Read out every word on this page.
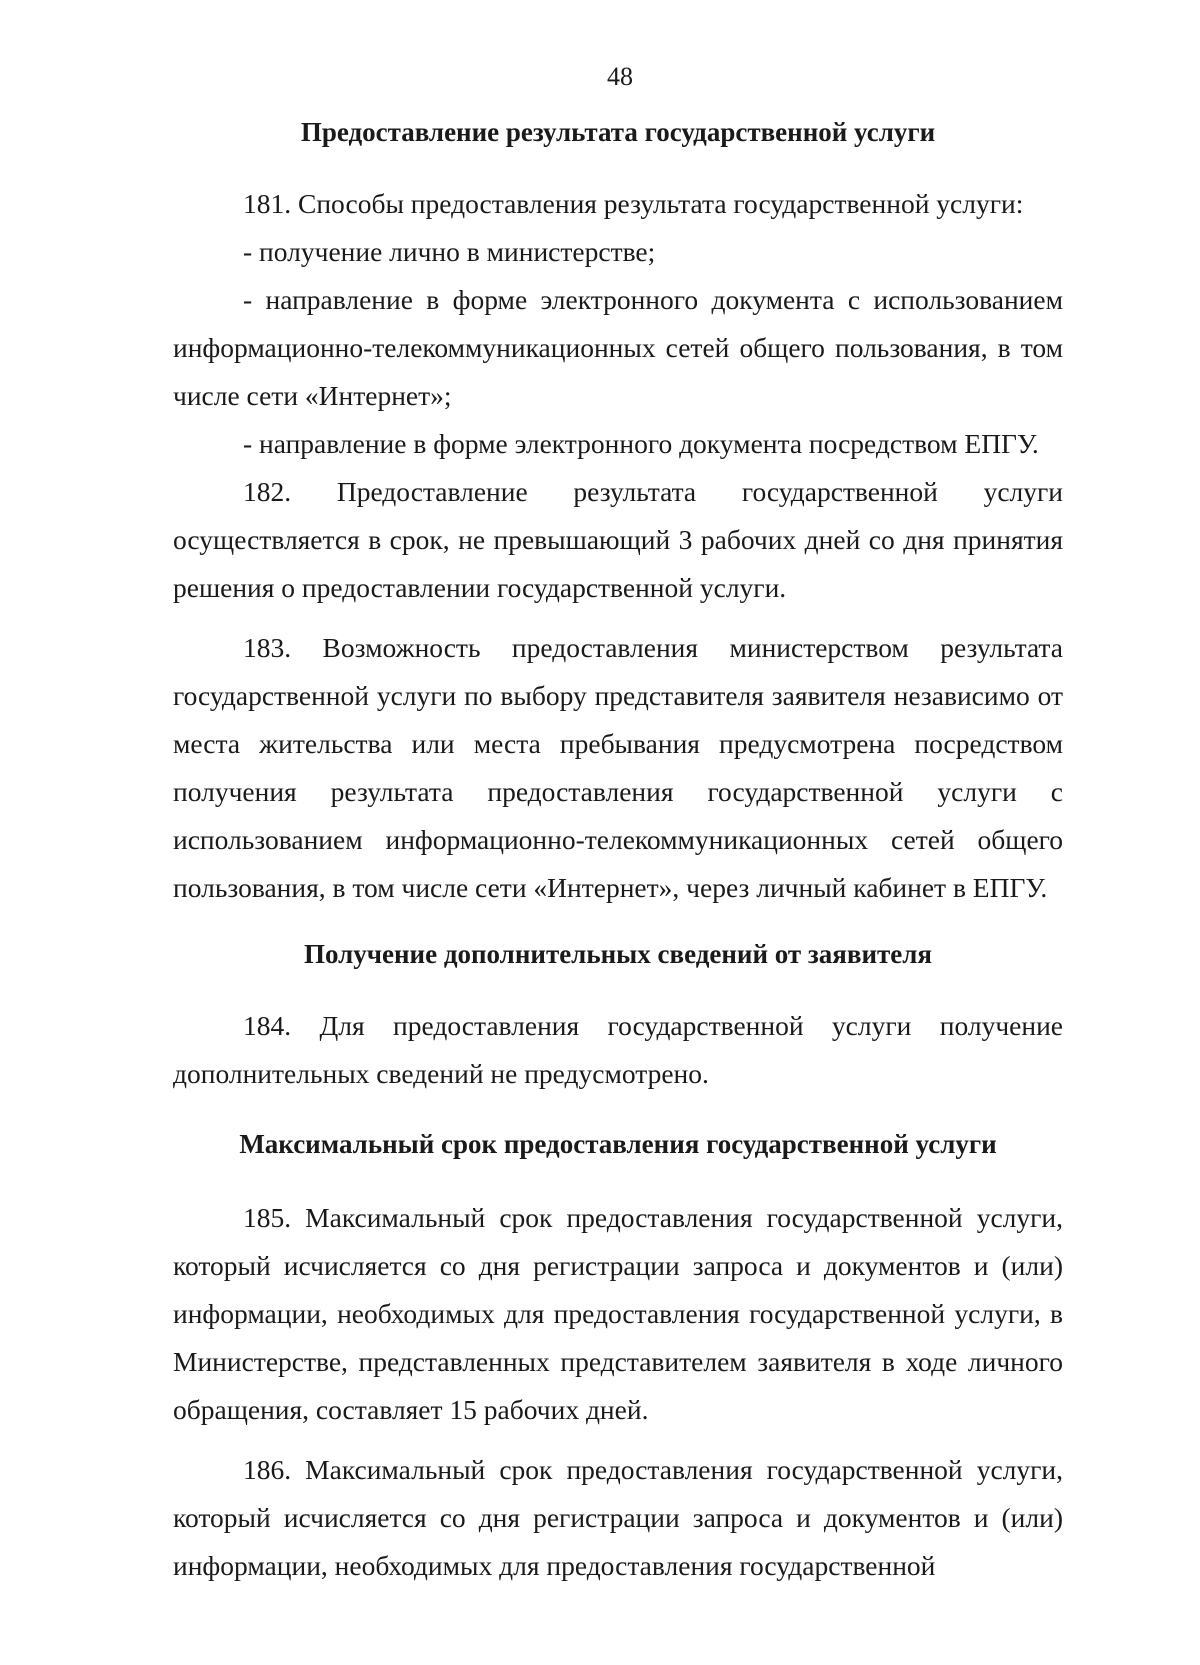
48
Предоставление результата государственной услуги

181. Способы предоставления результата государственной услуги:

- получение лично в министерстве;

- направление в форме электронного документа с использованием информационно-телекоммуникационных сетей общего пользования, в том числе сети «Интернет»;

- направление в форме электронного документа посредством ЕПГУ.

182. Предоставление результата государственной услуги осуществляется в срок, не превышающий 3 рабочих дней со дня принятия решения о предоставлении государственной услуги.

183. Возможность предоставления министерством результата государственной услуги по выбору представителя заявителя независимо от места жительства или места пребывания предусмотрена посредством получения результата предоставления государственной услуги с использованием информационно-телекоммуникационных сетей общего пользования, в том числе сети «Интернет», через личный кабинет в ЕПГУ.

Получение дополнительных сведений от заявителя

184. Для предоставления государственной услуги получение дополнительных сведений не предусмотрено.

Максимальный срок предоставления государственной услуги

185. Максимальный срок предоставления государственной услуги, который исчисляется со дня регистрации запроса и документов и (или) информации, необходимых для предоставления государственной услуги, в Министерстве, представленных представителем заявителя в ходе личного обращения, составляет 15 рабочих дней.

186. Максимальный срок предоставления государственной услуги, который исчисляется со дня регистрации запроса и документов и (или) информации, необходимых для предоставления государственной
